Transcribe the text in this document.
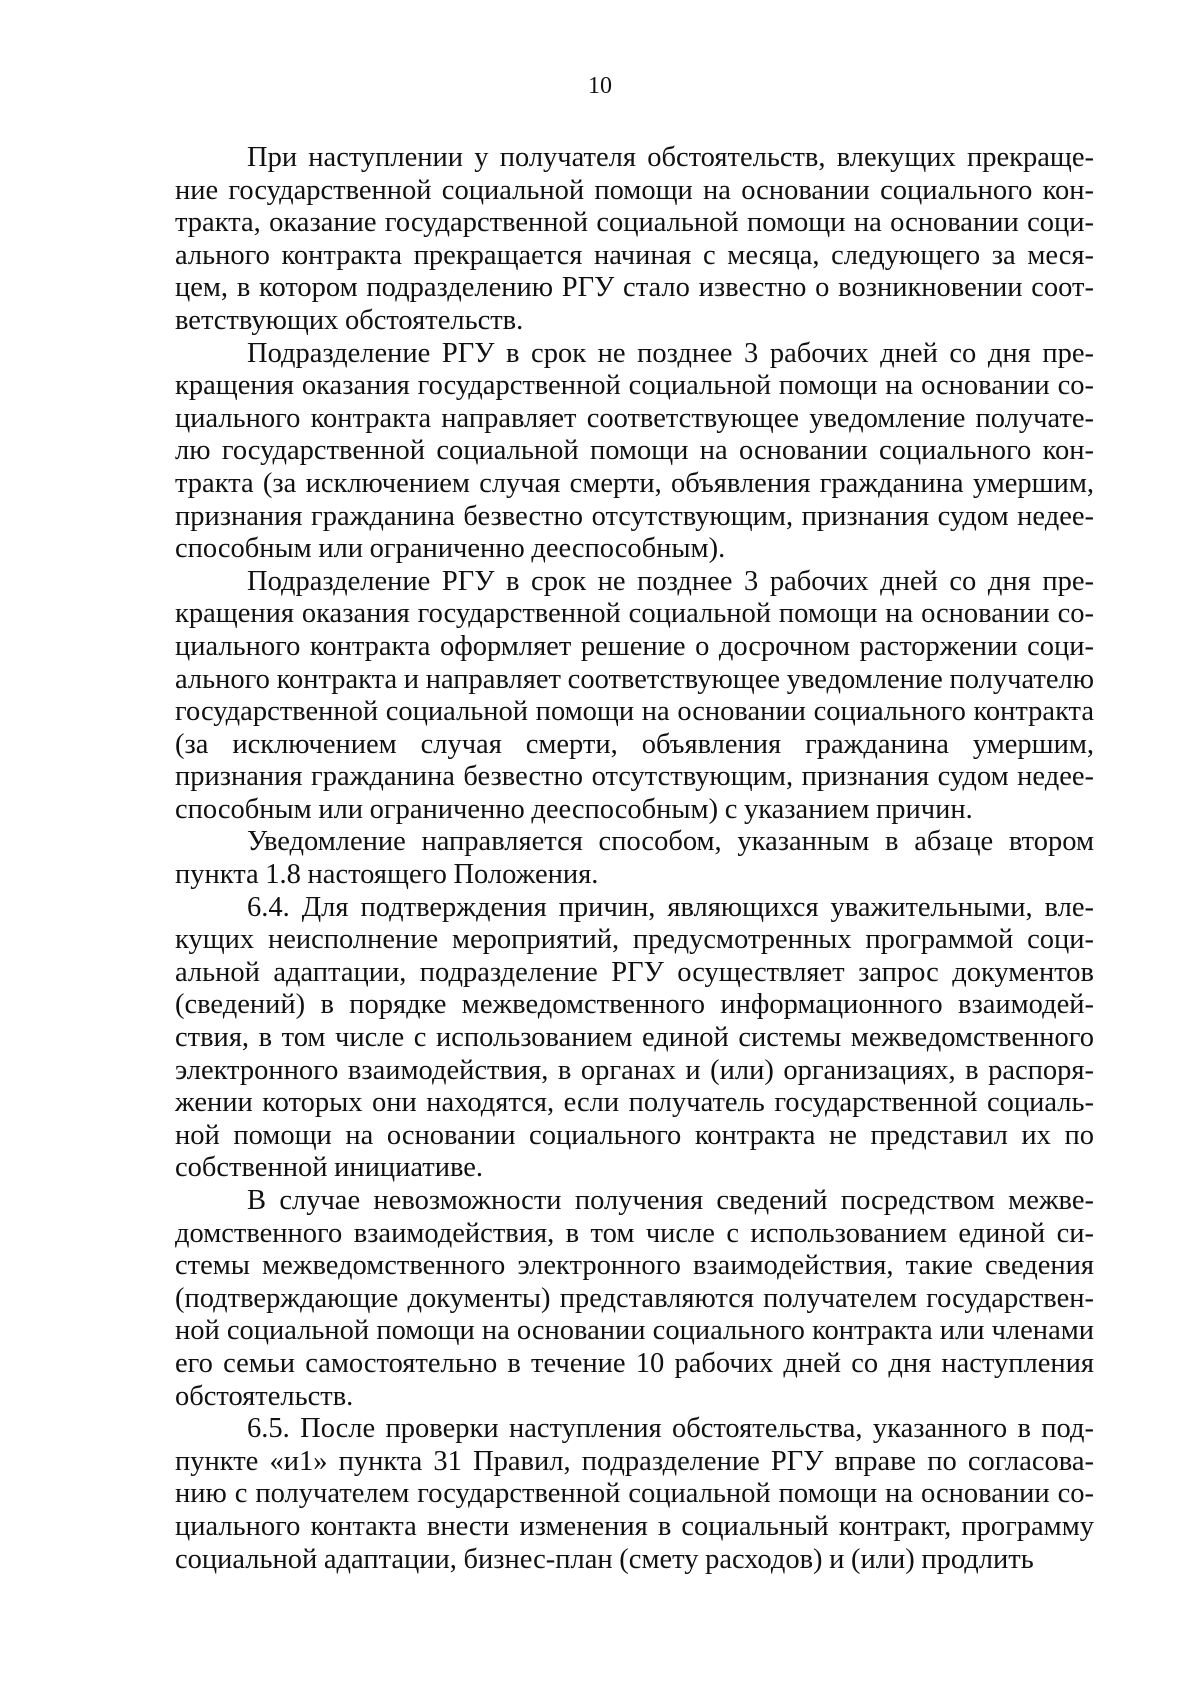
10

При наступлении у получателя обстоятельств, влекущих прекращение государственной социальной помощи на основании социального контракта, оказание государственной социальной помощи на основании социального контракта прекращается начиная с месяца, следующего за месяцем, в котором подразделению РГУ стало известно о возникновении соответствующих обстоятельств.

Подразделение РГУ в срок не позднее 3 рабочих дней со дня прекращения оказания государственной социальной помощи на основании социального контракта направляет соответствующее уведомление получателю государственной социальной помощи на основании социального контракта (за исключением случая смерти, объявления гражданина умершим, признания гражданина безвестно отсутствующим, признания судом недееспособным или ограниченно дееспособным).

Подразделение РГУ в срок не позднее 3 рабочих дней со дня прекращения оказания государственной социальной помощи на основании социального контракта оформляет решение о досрочном расторжении социального контракта и направляет соответствующее уведомление получателю государственной социальной помощи на основании социального контракта (за исключением случая смерти, объявления гражданина умершим, признания гражданина безвестно отсутствующим, признания судом недееспособным или ограниченно дееспособным) с указанием причин.

Уведомление направляется способом, указанным в абзаце втором пункта 1.8 настоящего Положения.

6.4. Для подтверждения причин, являющихся уважительными, влекущих неисполнение мероприятий, предусмотренных программой социальной адаптации, подразделение РГУ осуществляет запрос документов (сведений) в порядке межведомственного информационного взаимодействия, в том числе с использованием единой системы межведомственного электронного взаимодействия, в органах и (или) организациях, в распоряжении которых они находятся, если получатель государственной социальной помощи на основании социального контракта не представил их по собственной инициативе.

В случае невозможности получения сведений посредством межведомственного взаимодействия, в том числе с использованием единой системы межведомственного электронного взаимодействия, такие сведения (подтверждающие документы) представляются получателем государственной социальной помощи на основании социального контракта или членами его семьи самостоятельно в течение 10 рабочих дней со дня наступления обстоятельств.

6.5. После проверки наступления обстоятельства, указанного в подпункте «и1» пункта 31 Правил, подразделение РГУ вправе по согласованию с получателем государственной социальной помощи на основании социального контакта внести изменения в социальный контракт, программу социальной адаптации, бизнес-план (смету расходов) и (или) продлить
